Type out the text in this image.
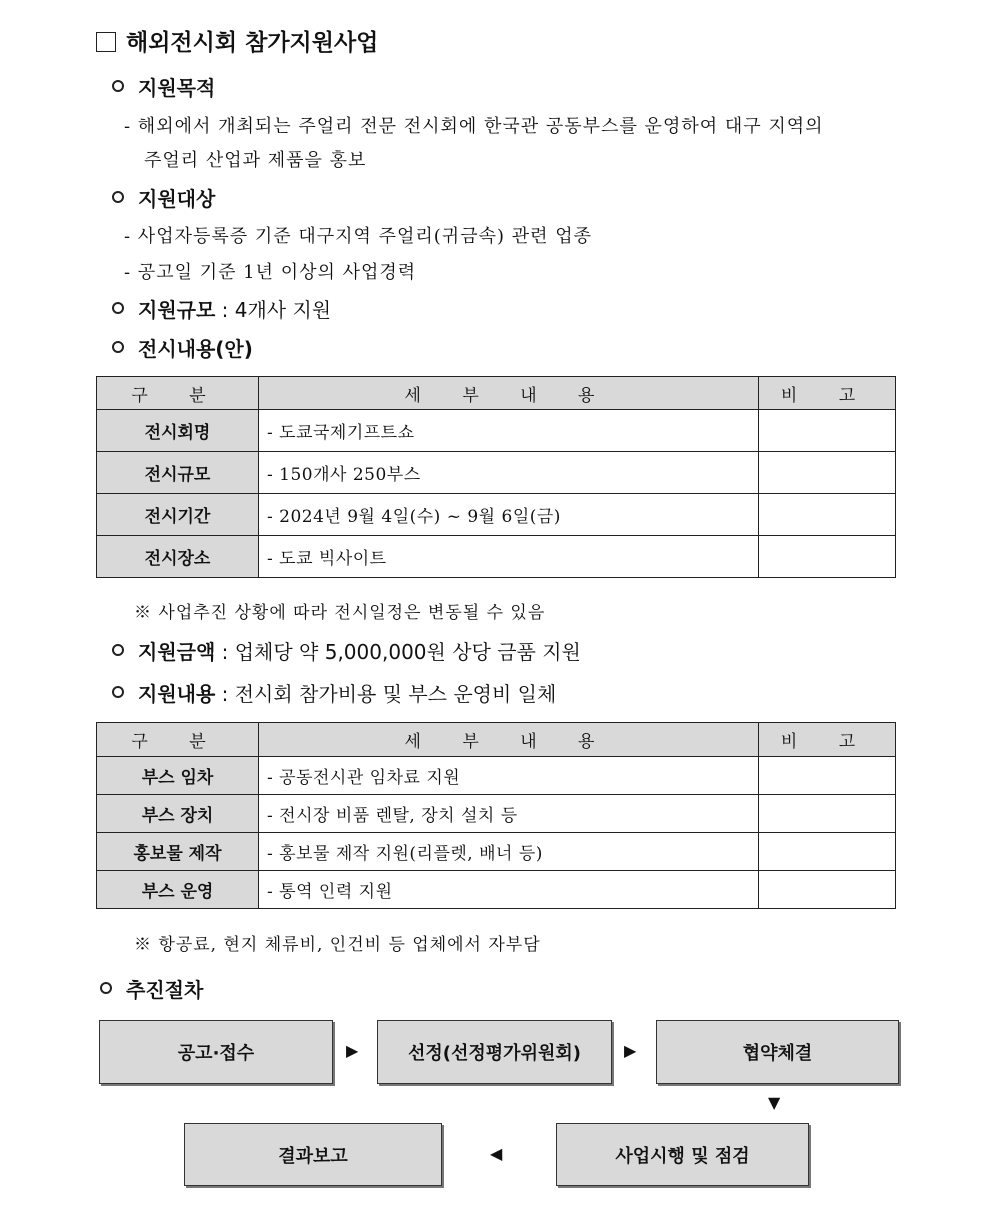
해외전시회 참가지원사업
지원목적
- 해외에서 개최되는 주얼리 전문 전시회에 한국관 공동부스를 운영하여 대구 지역의
주얼리 산업과 제품을 홍보
지원대상
- 사업자등록증 기준 대구지역 주얼리(귀금속) 관련 업종
- 공고일 기준 1년 이상의 사업경력
지원규모 : 4개사 지원
전시내용(안)
구 분	세 부 내 용	비 고
전시회명	- 도쿄국제기프트쇼	
전시규모	- 150개사 250부스	
전시기간	- 2024년 9월 4일(수) ~ 9월 6일(금)	
전시장소	- 도쿄 빅사이트	
※ 사업추진 상황에 따라 전시일정은 변동될 수 있음
지원금액 : 업체당 약 5,000,000원 상당 금품 지원
지원내용 : 전시회 참가비용 및 부스 운영비 일체
구 분	세 부 내 용	비 고
부스 임차	- 공동전시관 임차료 지원	
부스 장치	- 전시장 비품 렌탈, 장치 설치 등	
홍보물 제작	- 홍보물 제작 지원(리플렛, 배너 등)	
부스 운영	- 통역 인력 지원	
※ 항공료, 현지 체류비, 인건비 등 업체에서 자부담
추진절차
공고·접수	▶	선정(선정평가위원회)	▶	협약체결
▼
사업시행 및 점검
◀
결과보고
